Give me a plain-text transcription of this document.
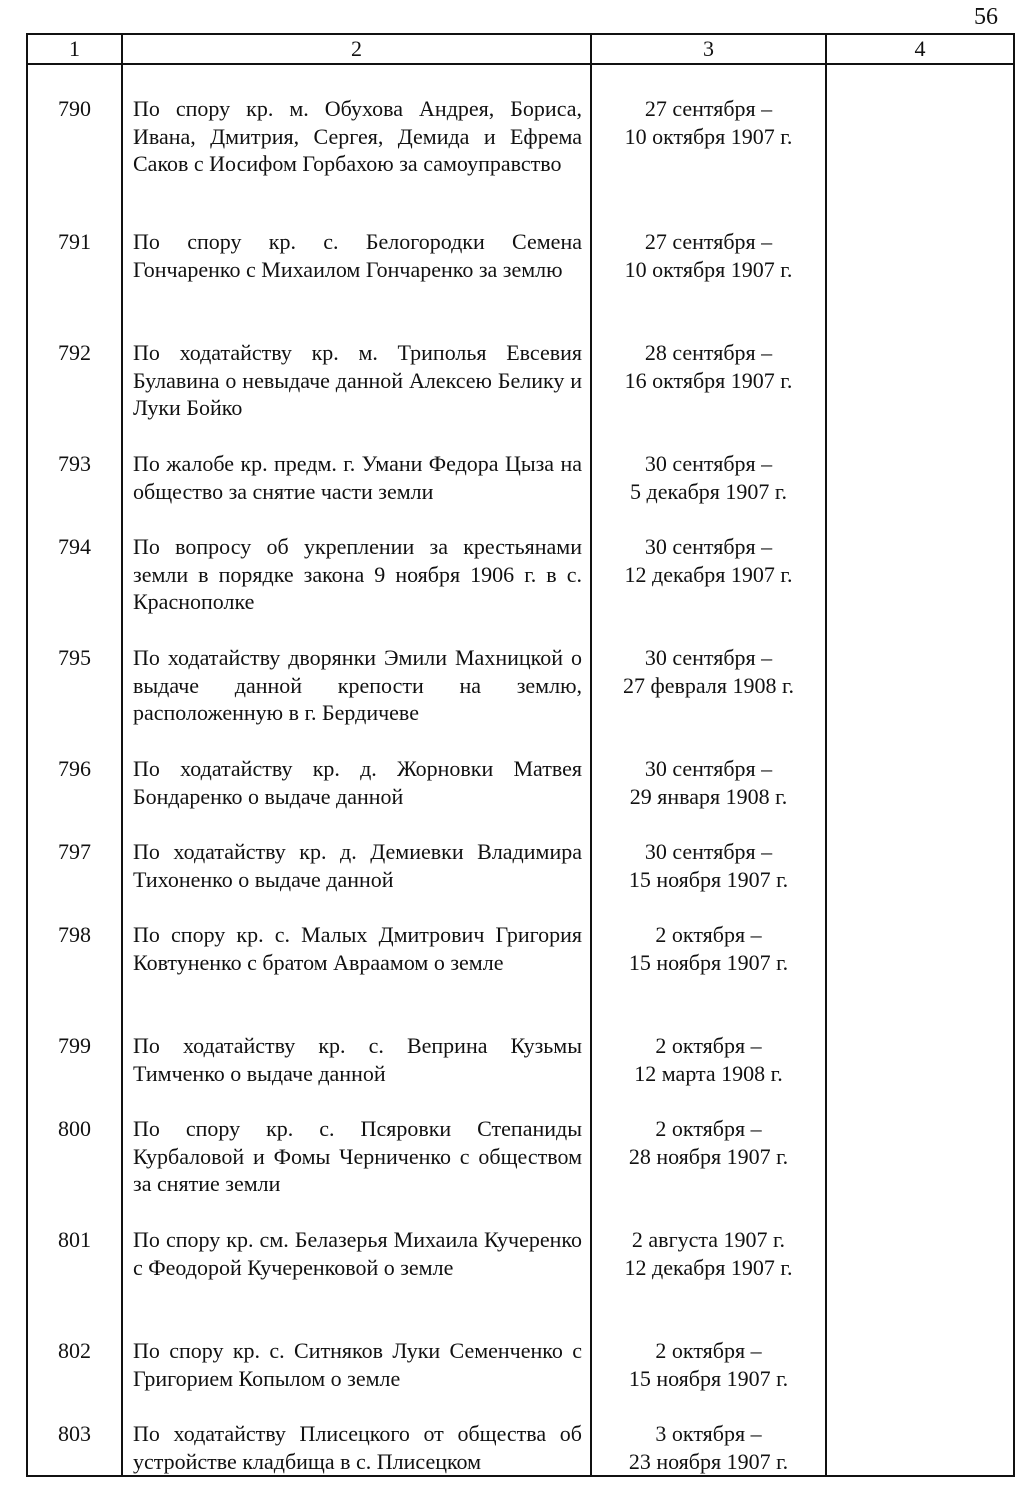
56
1	2	3	4
790	По спору кр. м. Обухова Андрея, Бориса, Ивана, Дмитрия, Сергея, Демида и Ефрема Саков с Иосифом Горбахою за самоуправство	27 сентября –
10 октября 1907 г.	

791	По спору кр. с. Белогородки Семена Гончаренко с Михаилом Гончаренко за землю	27 сентября –
10 октября 1907 г.	

792	По ходатайству кр. м. Триполья Евсевия Булавина о невыдаче данной Алексею Белику и Луки Бойко	28 сентября –
16 октября 1907 г.	

793	По жалобе кр. предм. г. Умани Федора Цыза на общество за снятие части земли	30 сентября –
5 декабря 1907 г.	

794	По вопросу об укреплении за крестьянами земли в порядке закона 9 ноября 1906 г. в с. Краснополке	30 сентября –
12 декабря 1907 г.	

795	По ходатайству дворянки Эмили Махницкой о выдаче данной крепости на землю, расположенную в г. Бердичеве	30 сентября –
27 февраля 1908 г.	

796	По ходатайству кр. д. Жорновки Матвея Бондаренко о выдаче данной	30 сентября –
29 января 1908 г.	

797	По ходатайству кр. д. Демиевки Владимира Тихоненко о выдаче данной	30 сентября –
15 ноября 1907 г.	

798	По спору кр. с. Малых Дмитрович Григория Ковтуненко с братом Авраамом о земле	2 октября –
15 ноября 1907 г.	

799	По ходатайству кр. с. Веприна Кузьмы Тимченко о выдаче данной	2 октября –
12 марта 1908 г.	

800	По спору кр. с. Псяровки Степаниды Курбаловой и Фомы Черниченко с обществом за снятие земли	2 октября –
28 ноября 1907 г.	

801	По спору кр. см. Белазерья Михаила Кучеренко с Феодорой Кучеренковой о земле	2 августа 1907 г.
12 декабря 1907 г.	

802	По спору кр. с. Ситняков Луки Семенченко с Григорием Копылом о земле	2 октября –
15 ноября 1907 г.	

803	По ходатайству Плисецкого от общества об устройстве кладбища в с. Плисецком	3 октября –
23 ноября 1907 г.	
